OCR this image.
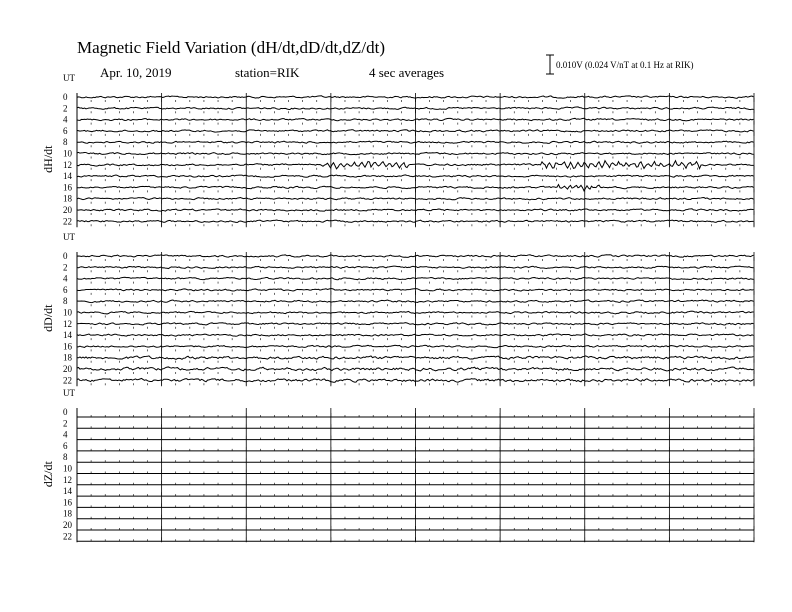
Magnetic Field Variation (dH/dt,dD/dt,dZ/dt)
Apr. 10, 2019	station=RIK	4 sec averages	0.010V (0.024 V/nT at 0.1 Hz at RIK)
UT
dH/dt
0
2
4
6
8
10
12
14
16
18
20
22
UT
dD/dt
0
2
4
6
8
10
12
14
16
18
20
22
UT
dZ/dt
0
2
4
6
8
10
12
14
16
18
20
22
